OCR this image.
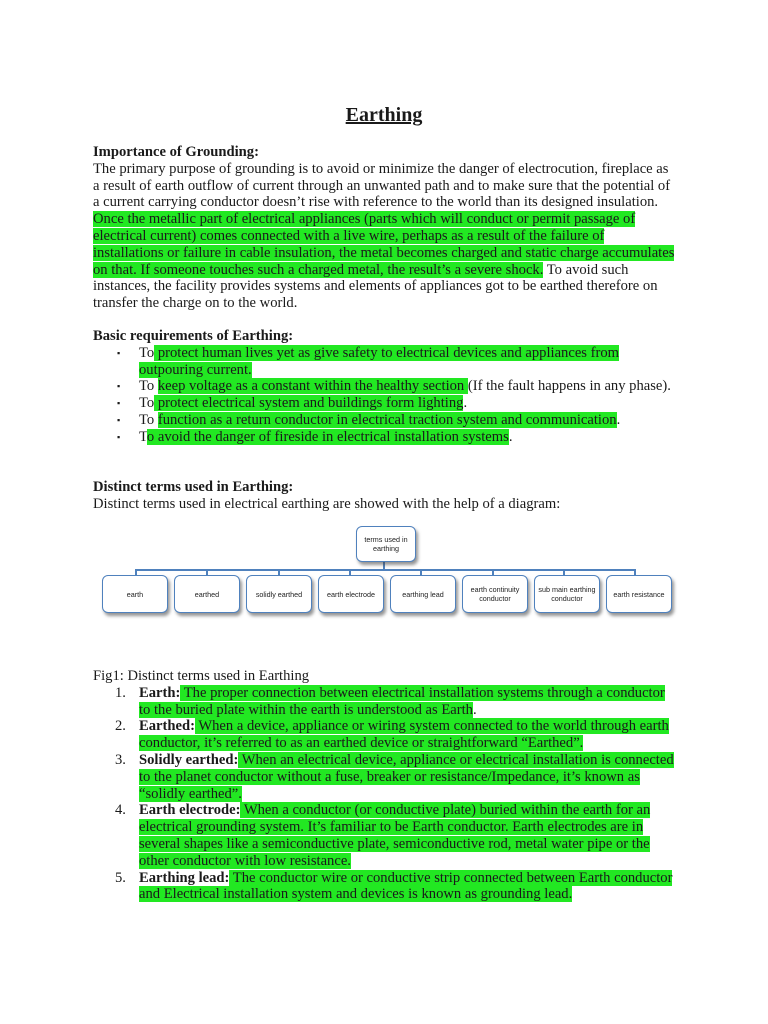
Earthing
Importance of Grounding:
The primary purpose of grounding is to avoid or minimize the danger of electrocution, fireplace as a result of earth outflow of current through an unwanted path and to make sure that the potential of a current carrying conductor doesn’t rise with reference to the world than its designed insulation. Once the metallic part of electrical appliances (parts which will conduct or permit passage of electrical current) comes connected with a live wire, perhaps as a result of the failure of installations or failure in cable insulation, the metal becomes charged and static charge accumulates on that. If someone touches such a charged metal, the result’s a severe shock. To avoid such instances, the facility provides systems and elements of appliances got to be earthed therefore on transfer the charge on to the world.
Basic requirements of Earthing:
▪ To protect human lives yet as give safety to electrical devices and appliances from outpouring current.
▪ To keep voltage as a constant within the healthy section (If the fault happens in any phase).
▪ To protect electrical system and buildings form lighting.
▪ To function as a return conductor in electrical traction system and communication.
▪ To avoid the danger of fireside in electrical installation systems.
Distinct terms used in Earthing:
Distinct terms used in electrical earthing are showed with the help of a diagram:
terms used in earthing
earth	earthed	solidly earthed	earth electrode	earthing lead	earth continuity conductor
sub main earthing conductor	earth resistance
Fig1: Distinct terms used in Earthing
1. Earth: The proper connection between electrical installation systems through a conductor to the buried plate within the earth is understood as Earth.
2. Earthed: When a device, appliance or wiring system connected to the world through earth conductor, it’s referred to as an earthed device or straightforward “Earthed”.
3. Solidly earthed: When an electrical device, appliance or electrical installation is connected to the planet conductor without a fuse, breaker or resistance/Impedance, it’s known as “solidly earthed”.
4. Earth electrode: When a conductor (or conductive plate) buried within the earth for an electrical grounding system. It’s familiar to be Earth conductor. Earth electrodes are in several shapes like a semiconductive plate, semiconductive rod, metal water pipe or the other conductor with low resistance.
5. Earthing lead: The conductor wire or conductive strip connected between Earth conductor and Electrical installation system and devices is known as grounding lead.
